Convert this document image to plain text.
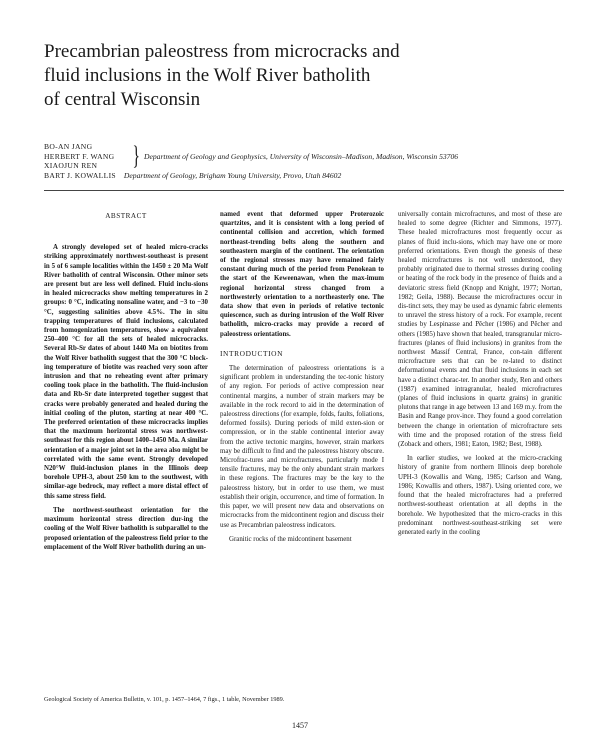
Precambrian paleostress from microcracks and
fluid inclusions in the Wolf River batholith
of central Wisconsin
BO-AN JANG
HERBERT F. WANG
XIAOJUN REN
BART J. KOWALLIS Department of Geology, Brigham Young University, Provo, Utah 84602
} Department of Geology and Geophysics, University of Wisconsin–Madison, Madison, Wisconsin 53706
ABSTRACT

A strongly developed set of healed micro-cracks striking approximately northwest-southeast is present in 5 of 6 sample localities within the 1450 ± 20 Ma Wolf River batholith of central Wisconsin. Other minor sets are present but are less well defined. Fluid inclu-sions in healed microcracks show melting temperatures in 2 groups: 0 °C, indicating nonsaline water, and −3 to −30 °C, suggesting salinities above 4.5%. The in situ trapping temperatures of fluid inclusions, calculated from homogenization temperatures, show a equivalent 250–400 °C for all the sets of healed microcracks. Several Rb-Sr dates of about 1440 Ma on biotites from the Wolf River batholith suggest that the 300 °C block-ing temperature of biotite was reached very soon after intrusion and that no reheating event after primary cooling took place in the batholith. The fluid-inclusion data and Rb-Sr date interpreted together suggest that cracks were probably generated and healed during the initial cooling of the pluton, starting at near 400 °C. The preferred orientation of these microcracks implies that the maximum horizontal stress was northwest-southeast for this region about 1400–1450 Ma. A similar orientation of a major joint set in the area also might be correlated with the same event. Strongly developed N20°W fluid-inclusion planes in the Illinois deep borehole UPH-3, about 250 km to the southwest, with similar-age bedrock, may reflect a more distal effect of this same stress field.

The northwest-southeast orientation for the maximum horizontal stress direction dur-ing the cooling of the Wolf River batholith is subparallel to the proposed orientation of the paleostress field prior to the emplacement of the Wolf River batholith during an un-

named event that deformed upper Proterozoic quartzites, and it is consistent with a long period of continental collision and accretion, which formed northeast-trending belts along the southern and southeastern margin of the continent. The orientation of the regional stresses may have remained fairly constant during much of the period from Penokean to the start of the Keweenawan, when the max-imum regional horizontal stress changed from a northwesterly orientation to a northeasterly one. The data show that even in periods of relative tectonic quiescence, such as during intrusion of the Wolf River batholith, micro-cracks may provide a record of paleostress orientations.

INTRODUCTION

The determination of paleostress orientations is a significant problem in understanding the tec-tonic history of any region. For periods of active compression near continental margins, a number of strain markers may be available in the rock record to aid in the determination of paleostress directions (for example, folds, faults, foliations, deformed fossils). During periods of mild exten-sion or compression, or in the stable continental interior away from the active tectonic margins, however, strain markers may be difficult to find and the paleostress history obscure. Microfrac-tures and microfractures, particularly mode I tensile fractures, may be the only abundant strain markers in these regions. The fractures may be the key to the paleostress history, but in order to use them, we must establish their origin, occurrence, and time of formation. In this paper, we will present new data and observations on microcracks from the midcontinent region and discuss their use as Precambrian paleostress indicators.

Granitic rocks of the midcontinent basement

universally contain microfractures, and most of these are healed to some degree (Richter and Simmons, 1977). These healed microfractures most frequently occur as planes of fluid inclu-sions, which may have one or more preferred orientations. Even though the genesis of these healed microfractures is not well understood, they probably originated due to thermal stresses during cooling or heating of the rock body in the presence of fluids and a deviatoric stress field (Knopp and Knight, 1977; Nortan, 1982; Geila, 1988). Because the microfractures occur in dis-tinct sets, they may be used as dynamic fabric elements to unravel the stress history of a rock. For example, recent studies by Lespinasse and Pêcher (1986) and Pêcher and others (1985) have shown that healed, transgranular micro-fractures (planes of fluid inclusions) in granites from the northwest Massif Central, France, con-tain different microfracture sets that can be re-lated to distinct deformational events and that fluid inclusions in each set have a distinct charac-ter. In another study, Ren and others (1987) examined intragranular, healed microfractures (planes of fluid inclusions in quartz grains) in granitic plutons that range in age between 13 and 169 m.y. from the Basin and Range prov-ince. They found a good correlation between the change in orientation of microfracture sets with time and the proposed rotation of the stress field (Zoback and others, 1981; Eaton, 1982; Best, 1988).

In earlier studies, we looked at the micro-cracking history of granite from northern Illinois deep borehole UPH-3 (Kowallis and Wang, 1985; Carlson and Wang, 1986; Kowallis and others, 1987). Using oriented core, we found that the healed microfractures had a preferred northwest-southeast orientation at all depths in the borehole. We hypothesized that the micro-cracks in this predominant northwest-southeast-striking set were generated early in the cooling

Geological Society of America Bulletin, v. 101, p. 1457–1464, 7 figs., 1 table, November 1989.
1457
